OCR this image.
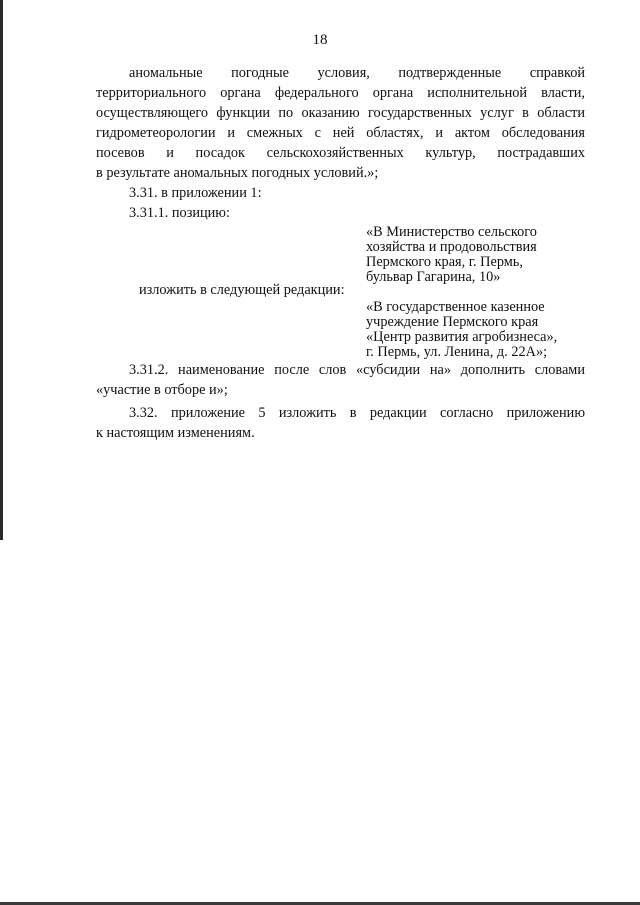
18
аномальные погодные условия, подтвержденные справкой
территориального органа федерального органа исполнительной власти,
осуществляющего функции по оказанию государственных услуг в области
гидрометеорологии и смежных с ней областях, и актом обследования
посевов и посадок сельскохозяйственных культур, пострадавших
в результате аномальных погодных условий.»;
3.31. в приложении 1:
3.31.1. позицию:
«В Министерство сельского
хозяйства и продовольствия
Пермского края, г. Пермь,
бульвар Гагарина, 10»
изложить в следующей редакции:
«В государственное казенное
учреждение Пермского края
«Центр развития агробизнеса»,
г. Пермь, ул. Ленина, д. 22А»;
3.31.2. наименование после слов «субсидии на» дополнить словами
«участие в отборе и»;
3.32. приложение 5 изложить в редакции согласно приложению
к настоящим изменениям.
